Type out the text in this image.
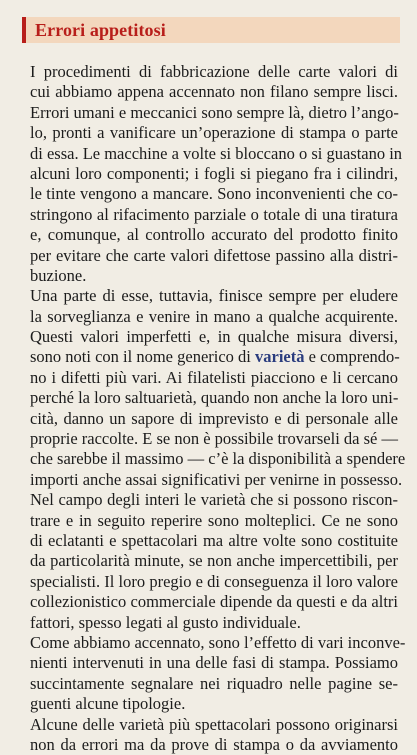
Errori appetitosi
I procedimenti di fabbricazione delle carte valori di
cui abbiamo appena accennato non filano sempre lisci.
Errori umani e meccanici sono sempre là, dietro l’ango-
lo, pronti a vanificare un’operazione di stampa o parte
di essa. Le macchine a volte si bloccano o si guastano in
alcuni loro componenti; i fogli si piegano fra i cilindri,
le tinte vengono a mancare. Sono inconvenienti che co-
stringono al rifacimento parziale o totale di una tiratura
e, comunque, al controllo accurato del prodotto finito
per evitare che carte valori difettose passino alla distri-
buzione.
Una parte di esse, tuttavia, finisce sempre per eludere
la sorveglianza e venire in mano a qualche acquirente.
Questi valori imperfetti e, in qualche misura diversi,
sono noti con il nome generico di varietà e comprendo-
no i difetti più vari. Ai filatelisti piacciono e li cercano
perché la loro saltuarietà, quando non anche la loro uni-
cità, danno un sapore di imprevisto e di personale alle
proprie raccolte. E se non è possibile trovarseli da sé —
che sarebbe il massimo — c’è la disponibilità a spendere
importi anche assai significativi per venirne in possesso.
Nel campo degli interi le varietà che si possono riscon-
trare e in seguito reperire sono molteplici. Ce ne sono
di eclatanti e spettacolari ma altre volte sono costituite
da particolarità minute, se non anche impercettibili, per
specialisti. Il loro pregio e di conseguenza il loro valore
collezionistico commerciale dipende da questi e da altri
fattori, spesso legati al gusto individuale.
Come abbiamo accennato, sono l’effetto di vari inconve-
nienti intervenuti in una delle fasi di stampa. Possiamo
succintamente segnalare nei riquadro nelle pagine se-
guenti alcune tipologie.
Alcune delle varietà più spettacolari possono originarsi
non da errori ma da prove di stampa o da avviamento
